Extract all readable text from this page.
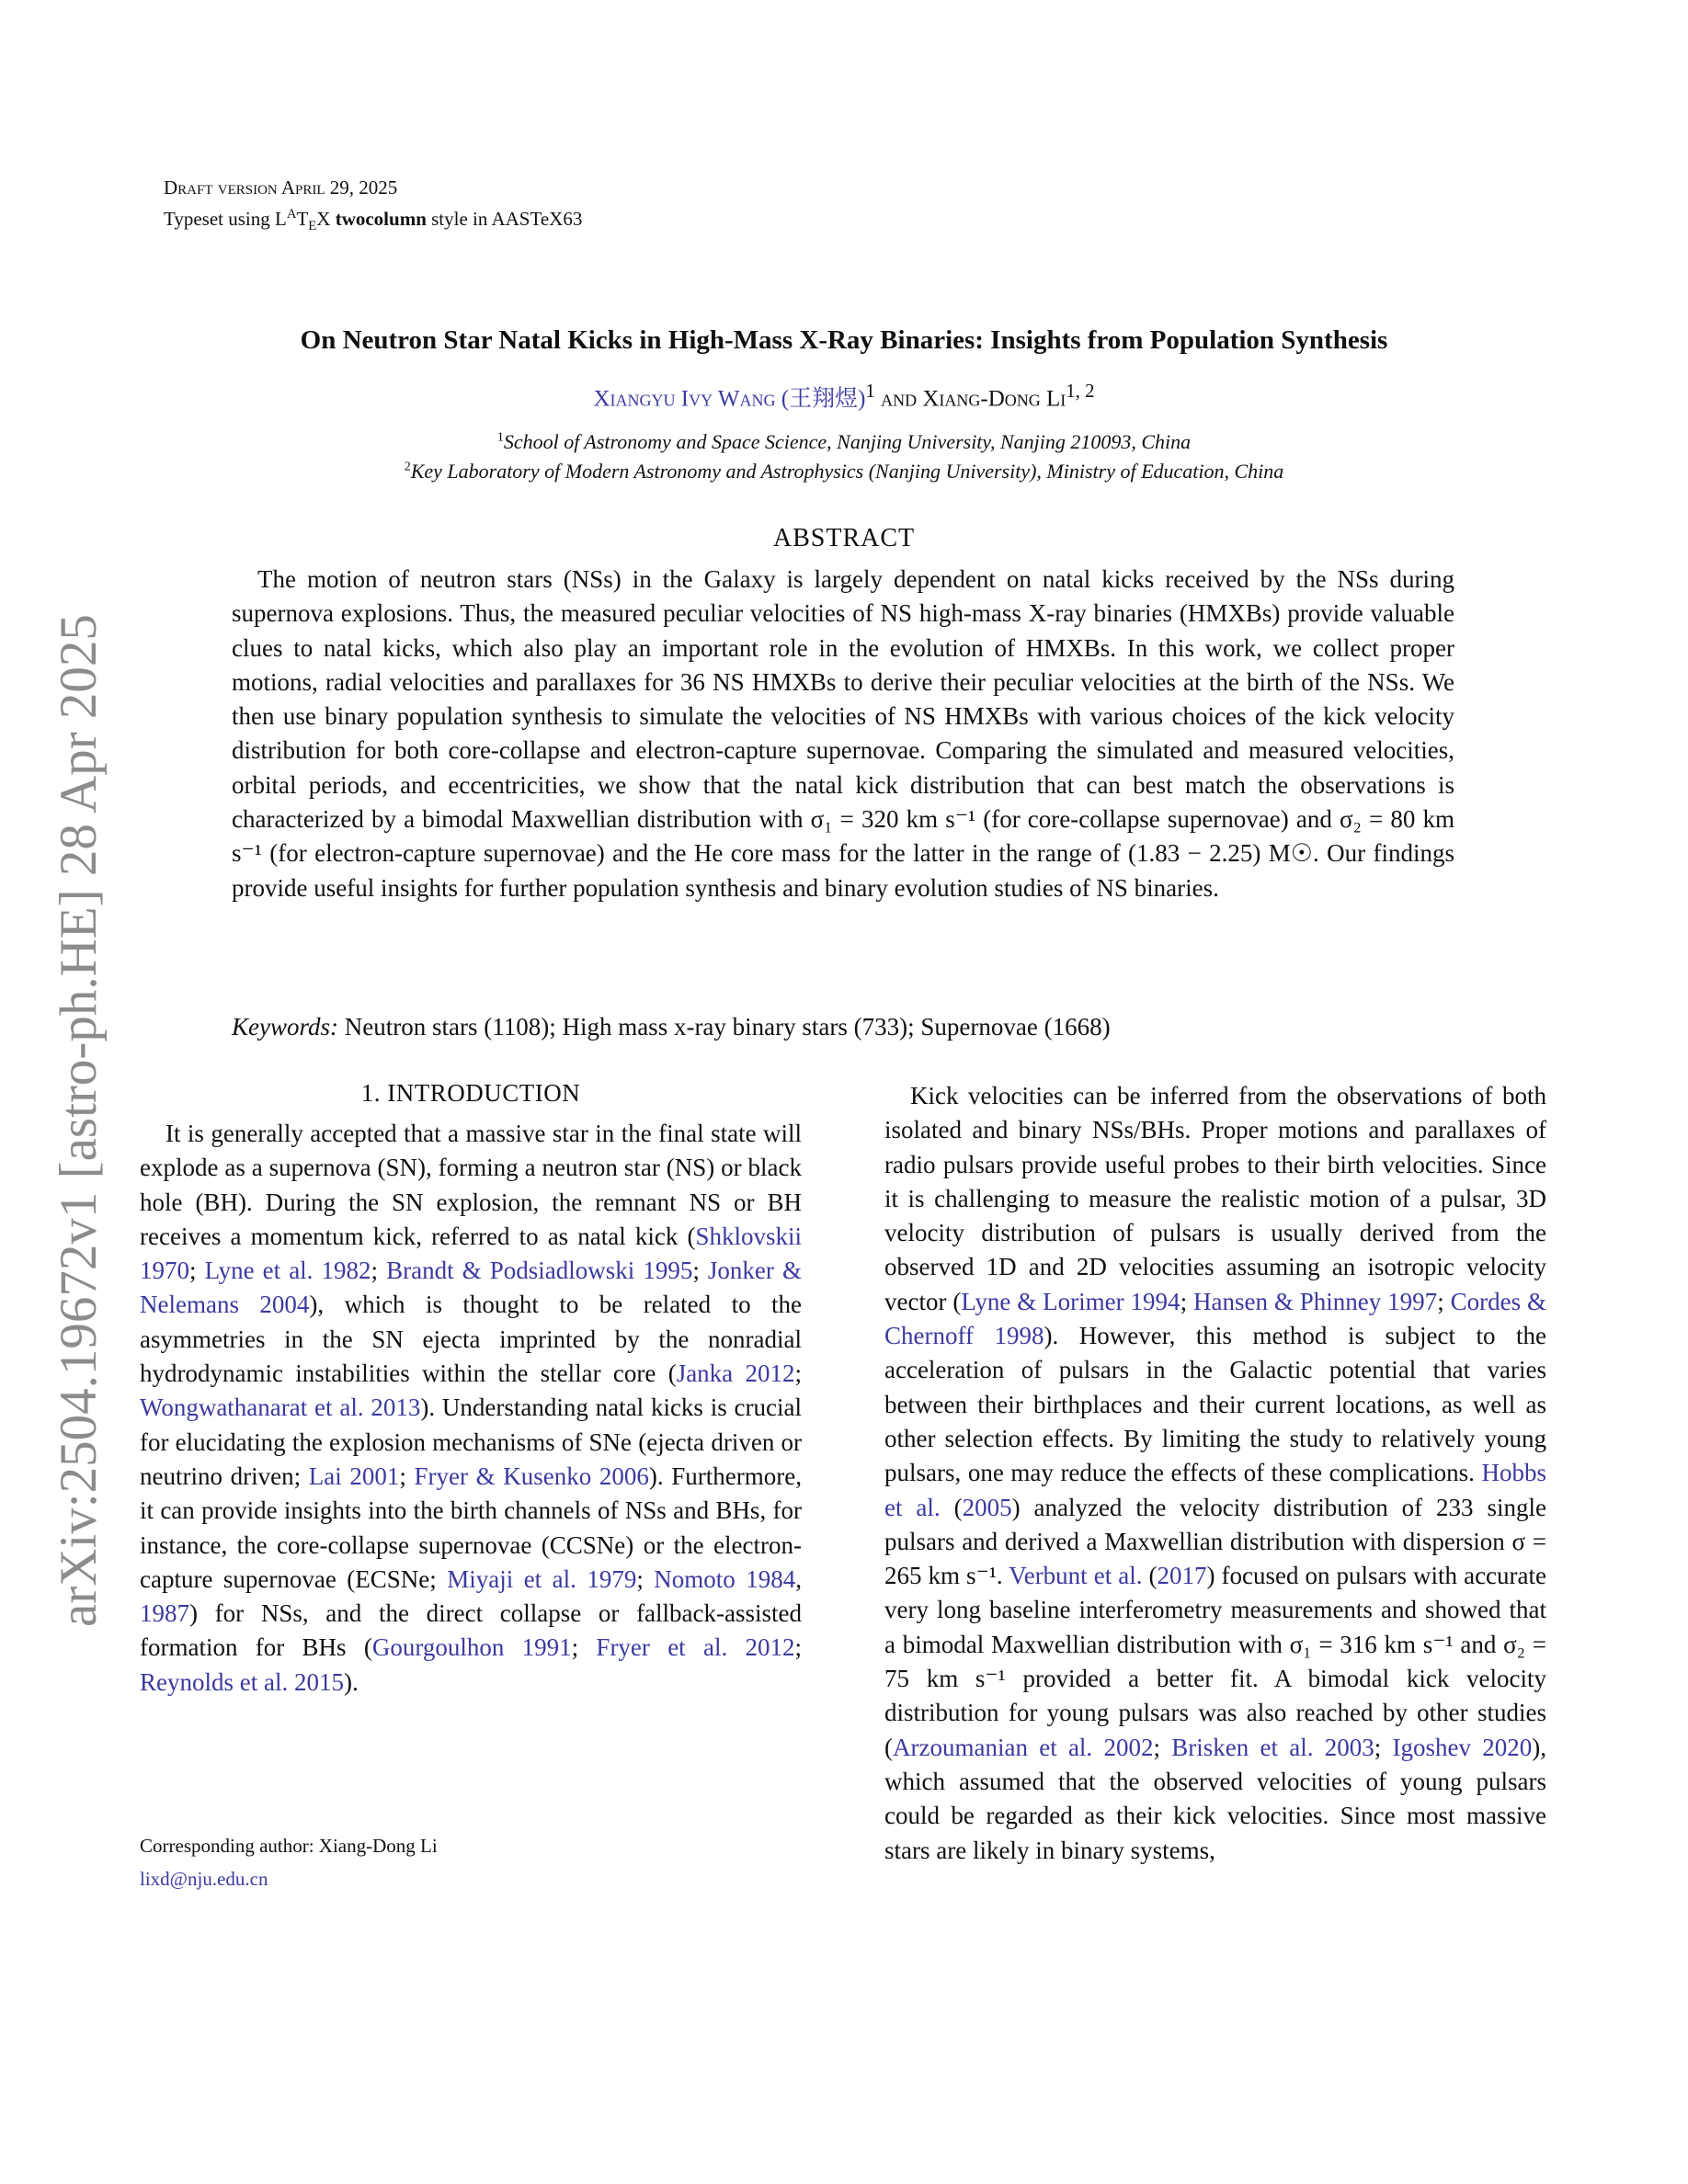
Draft version April 29, 2025
Typeset using $L^AT_EX$ twocolumn style in AASTeX63
arXiv:2504.19672v1 [astro-ph.HE] 28 Apr 2025
On Neutron Star Natal Kicks in High-Mass X-Ray Binaries: Insights from Population Synthesis
Xiangyu Ivy Wang (王翔煜)$^1$ and Xiang-Dong Li$^{1, 2}$
$^1$School of Astronomy and Space Science, Nanjing University, Nanjing 210093, China
$^2$Key Laboratory of Modern Astronomy and Astrophysics (Nanjing University), Ministry of Education, China
ABSTRACT
The motion of neutron stars (NSs) in the Galaxy is largely dependent on natal kicks received by the NSs during supernova explosions. Thus, the measured peculiar velocities of NS high-mass X-ray binaries (HMXBs) provide valuable clues to natal kicks, which also play an important role in the evolution of HMXBs. In this work, we collect proper motions, radial velocities and parallaxes for 36 NS HMXBs to derive their peculiar velocities at the birth of the NSs. We then use binary population synthesis to simulate the velocities of NS HMXBs with various choices of the kick velocity distribution for both core-collapse and electron-capture supernovae. Comparing the simulated and measured velocities, orbital periods, and eccentricities, we show that the natal kick distribution that can best match the observations is characterized by a bimodal Maxwellian distribution with σ₁ = 320 km s⁻¹ (for core-collapse supernovae) and σ₂ = 80 km s⁻¹ (for electron-capture supernovae) and the He core mass for the latter in the range of (1.83 − 2.25) M☉. Our findings provide useful insights for further population synthesis and binary evolution studies of NS binaries.
Keywords: Neutron stars (1108); High mass x-ray binary stars (733); Supernovae (1668)
1. INTRODUCTION

It is generally accepted that a massive star in the final state will explode as a supernova (SN), forming a neutron star (NS) or black hole (BH). During the SN explosion, the remnant NS or BH receives a momentum kick, referred to as natal kick (Shklovskii 1970; Lyne et al. 1982; Brandt & Podsiadlowski 1995; Jonker & Nelemans 2004), which is thought to be related to the asymmetries in the SN ejecta imprinted by the nonradial hydrodynamic instabilities within the stellar core (Janka 2012; Wongwathanarat et al. 2013). Understanding natal kicks is crucial for elucidating the explosion mechanisms of SNe (ejecta driven or neutrino driven; Lai 2001; Fryer & Kusenko 2006). Furthermore, it can provide insights into the birth channels of NSs and BHs, for instance, the core-collapse supernovae (CCSNe) or the electron-capture supernovae (ECSNe; Miyaji et al. 1979; Nomoto 1984, 1987) for NSs, and the direct collapse or fallback-assisted formation for BHs (Gourgoulhon 1991; Fryer et al. 2012; Reynolds et al. 2015).

Kick velocities can be inferred from the observations of both isolated and binary NSs/BHs. Proper motions and parallaxes of radio pulsars provide useful probes to their birth velocities. Since it is challenging to measure the realistic motion of a pulsar, 3D velocity distribution of pulsars is usually derived from the observed 1D and 2D velocities assuming an isotropic velocity vector (Lyne & Lorimer 1994; Hansen & Phinney 1997; Cordes & Chernoff 1998). However, this method is subject to the acceleration of pulsars in the Galactic potential that varies between their birthplaces and their current locations, as well as other selection effects. By limiting the study to relatively young pulsars, one may reduce the effects of these complications. Hobbs et al. (2005) analyzed the velocity distribution of 233 single pulsars and derived a Maxwellian distribution with dispersion σ = 265 km s⁻¹. Verbunt et al. (2017) focused on pulsars with accurate very long baseline interferometry measurements and showed that a bimodal Maxwellian distribution with σ₁ = 316 km s⁻¹ and σ₂ = 75 km s⁻¹ provided a better fit. A bimodal kick velocity distribution for young pulsars was also reached by other studies (Arzoumanian et al. 2002; Brisken et al. 2003; Igoshev 2020), which assumed that the observed velocities of young pulsars could be regarded as their kick velocities. Since most massive stars are likely in binary systems,

Corresponding author: Xiang-Dong Li
lixd@nju.edu.cn
